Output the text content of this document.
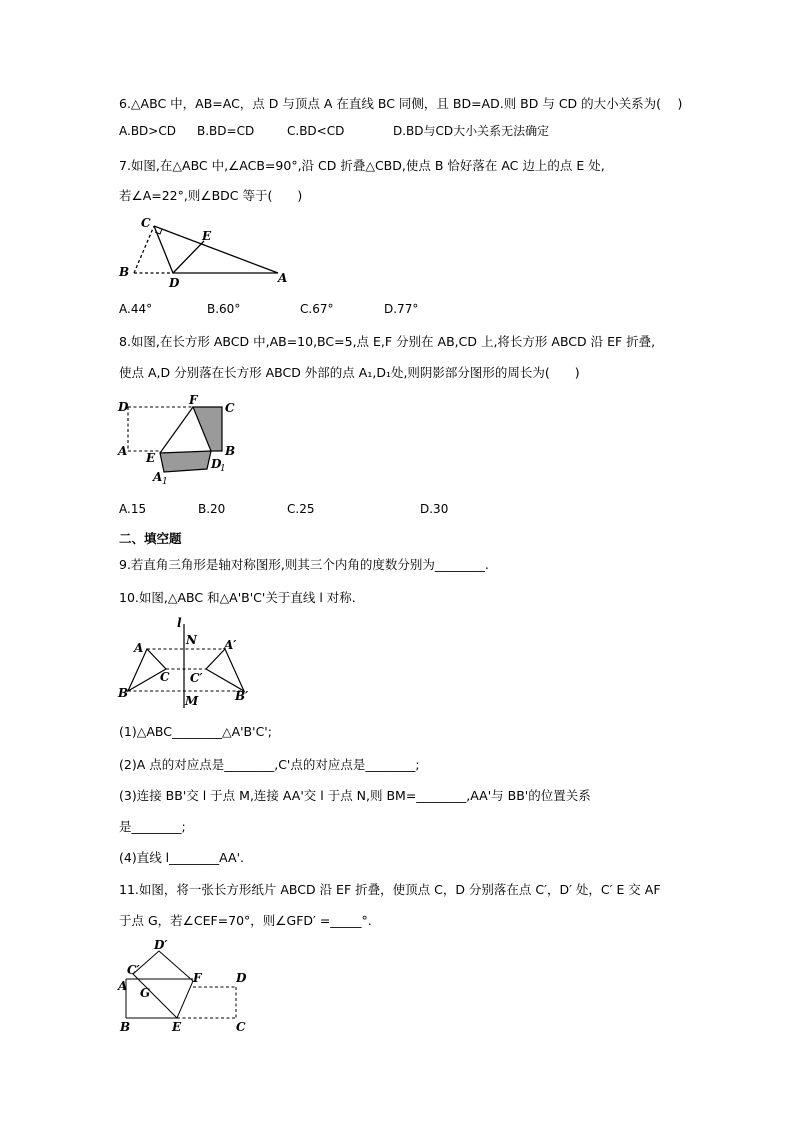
6.△ABC 中，AB=AC，点 D 与顶点 A 在直线 BC 同侧，且 BD=AD.则 BD 与 CD 的大小关系为(　 )
A.BD>CD B.BD=CD	C.BD<CD	D.BD与CD大小关系无法确定
7.如图,在△ABC 中,∠ACB=90°,沿 CD 折叠△CBD,使点 B 恰好落在 AC 边上的点 E 处,
若∠A=22°,则∠BDC 等于(　　)
C
E
B
D	A
A.44°	B.60°	C.67°	D.77°
8.如图,在长方形 ABCD 中,AB=10,BC=5,点 E,F 分别在 AB,CD 上,将长方形 ABCD 沿 EF 折叠,
使点 A,D 分别落在长方形 ABCD 外部的点 A₁,D₁处,则阴影部分图形的周长为(　　)
D	F
C
A	B
E	D
1
A 1
A.15	B.20	C.25	D.30
二、填空题
9.若直角三角形是轴对称图形,则其三个内角的度数分别为________.
10.如图,△ABC 和△A'B'C'关于直线 l 对称.
l
N
A	A′
C C′
B	B′
M
(1)△ABC________△A'B'C';
(2)A 点的对应点是________,C'点的对应点是________;
(3)连接 BB'交 l 于点 M,连接 AA'交 l 于点 N,则 BM=________,AA'与 BB'的位置关系
是________;
(4)直线 l________AA'.
11.如图，将一张长方形纸片 ABCD 沿 EF 折叠，使顶点 C，D 分别落在点 C′，D′ 处，C′ E 交 AF
于点 G，若∠CEF=70°，则∠GFD′ =_____°.
D′
C′
F	D
A G
B	E	C
